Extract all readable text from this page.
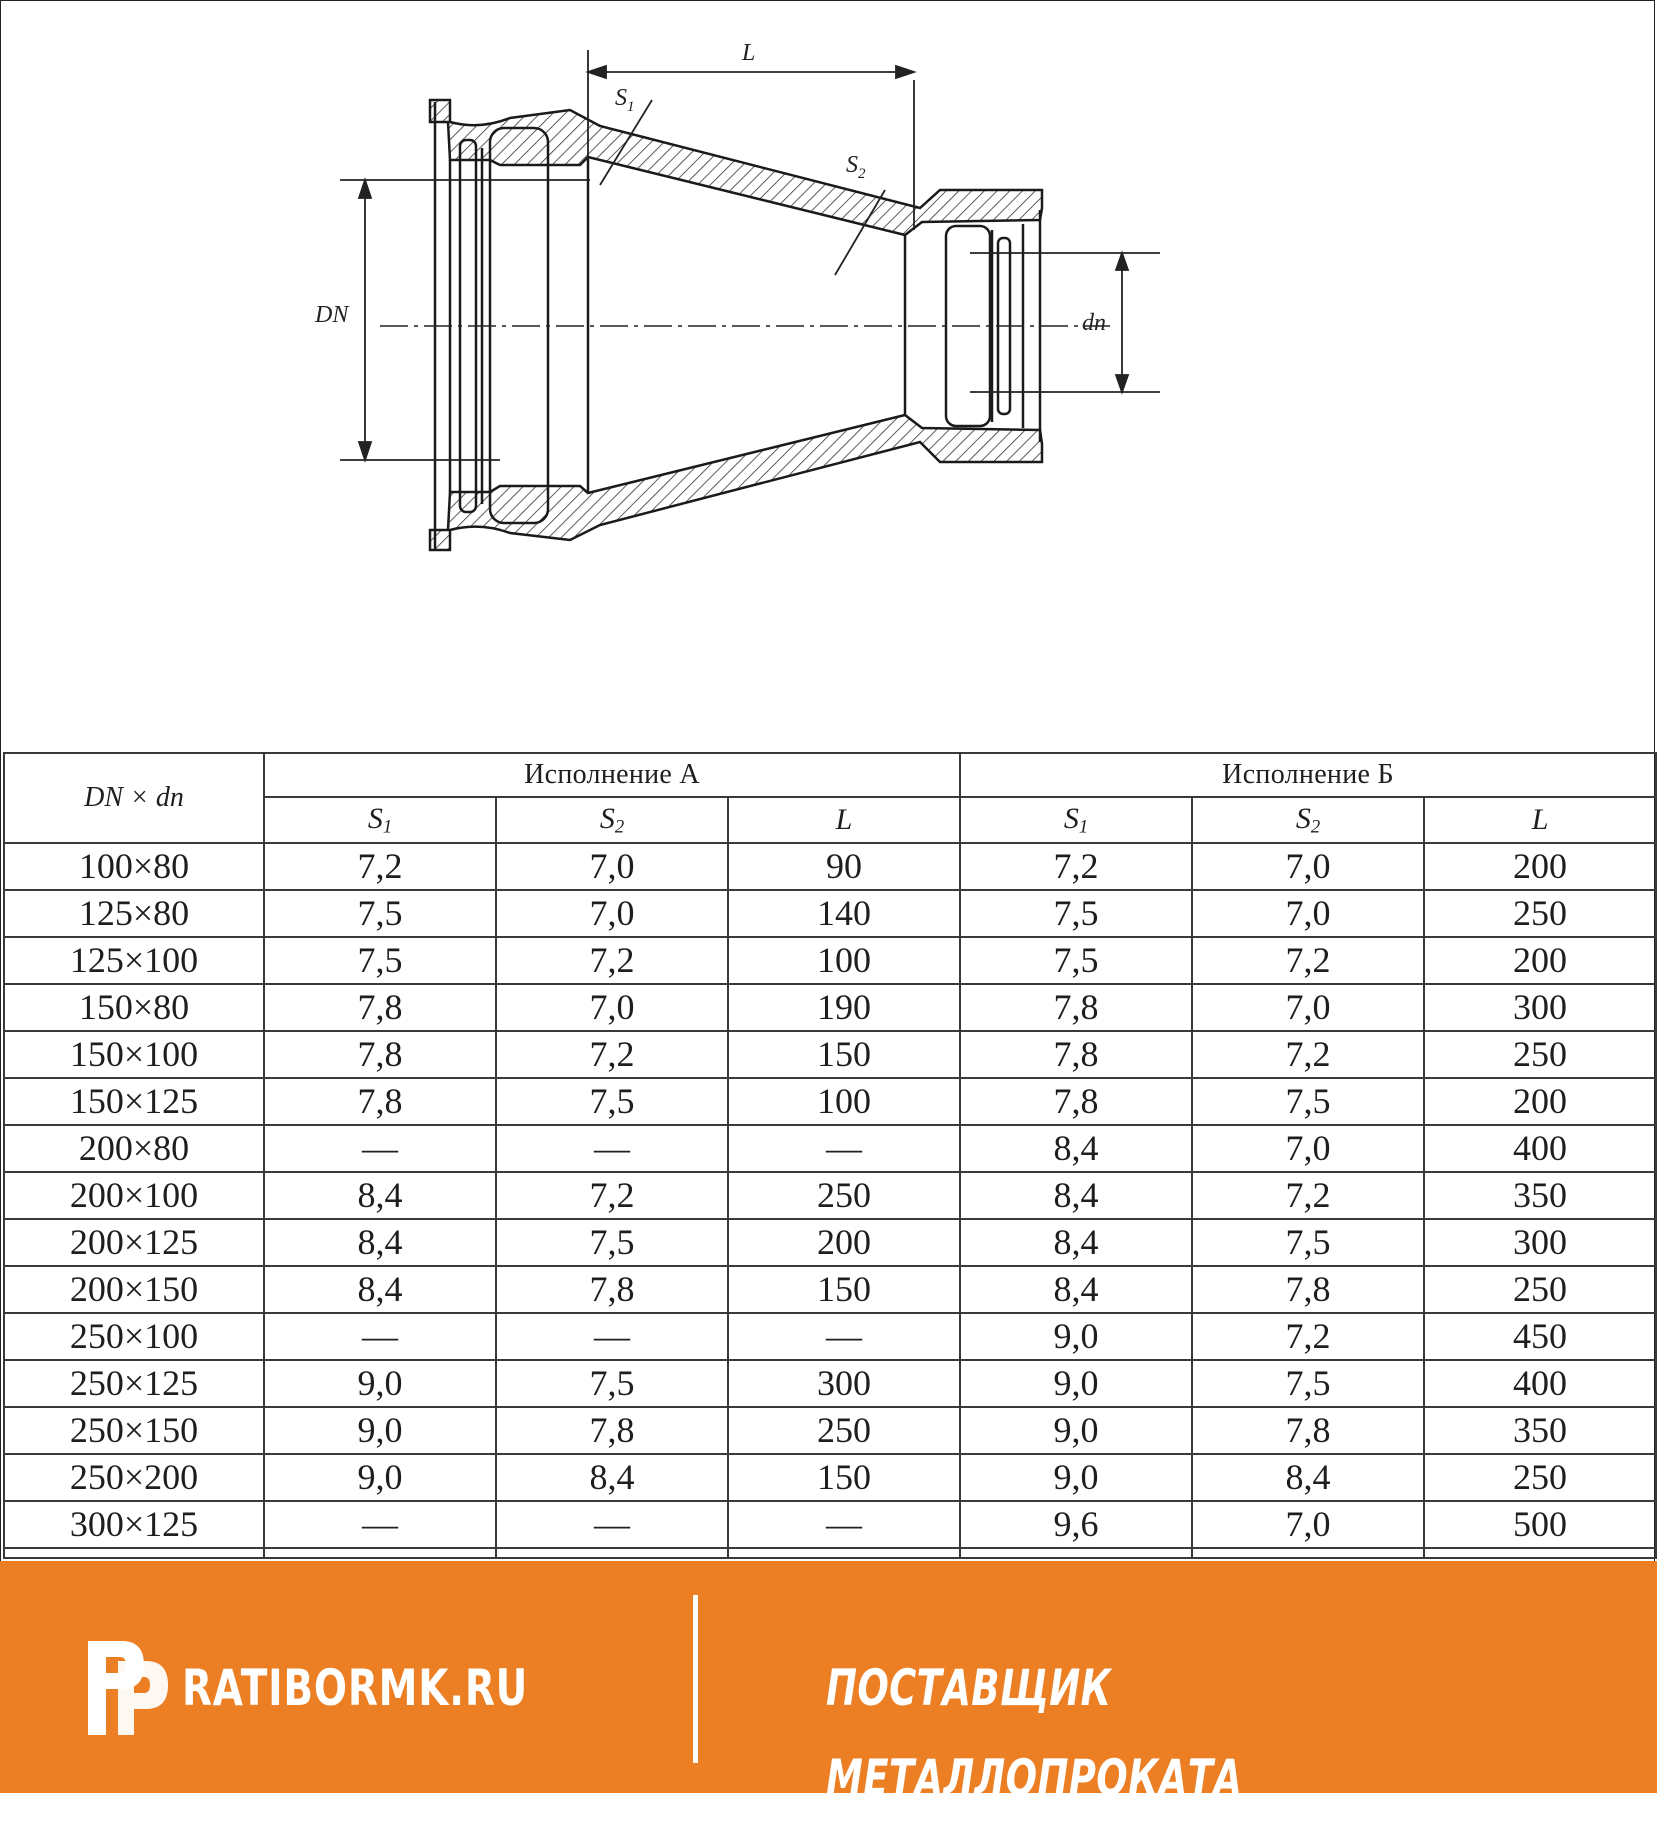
L
$S_1$
$S_2$
DN	dn
DN × dn	Исполнение А			Исполнение Б		
	$S_1$	$S_2$	L	$S_1$	$S_2$	L
100×80	7,2	7,0	90	7,2	7,0	200
125×80	7,5	7,0	140	7,5	7,0	250
125×100	7,5	7,2	100	7,5	7,2	200
150×80	7,8	7,0	190	7,8	7,0	300
150×100	7,8	7,2	150	7,8	7,2	250
150×125	7,8	7,5	100	7,8	7,5	200
200×80	—	—	—	8,4	7,0	400
200×100	8,4	7,2	250	8,4	7,2	350
200×125	8,4	7,5	200	8,4	7,5	300
200×150	8,4	7,8	150	8,4	7,8	250
250×100	—	—	—	9,0	7,2	450
250×125	9,0	7,5	300	9,0	7,5	400
250×150	9,0	7,8	250	9,0	7,8	350
250×200	9,0	8,4	150	9,0	8,4	250
300×125	—	—	—	9,6	7,0	500

RATIBORMK.RU	ПОСТАВЩИК МЕТАЛЛОПРОКАТА
